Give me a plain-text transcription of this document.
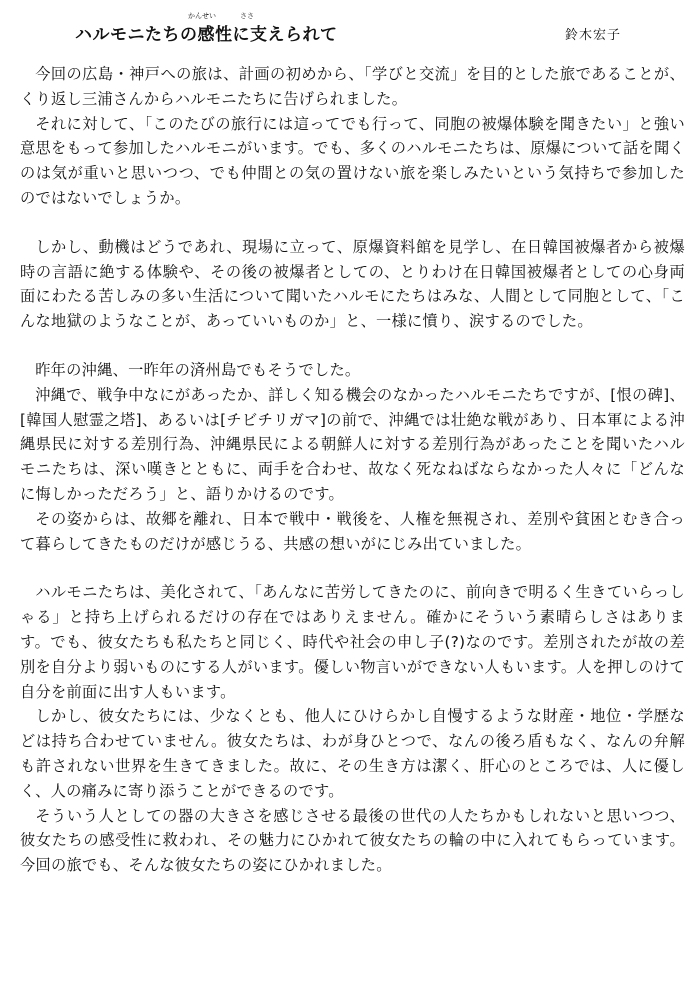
かんせい	ささ
ハルモニたちの感性に支えられて	鈴木宏子

今回の広島・神戸への旅は、計画の初めから、「学びと交流」を目的とした旅であることが、くり返し三浦さんからハルモニたちに告げられました。

それに対して、「このたびの旅行には這ってでも行って、同胞の被爆体験を聞きたい」と強い意思をもって参加したハルモニがいます。でも、多くのハルモニたちは、原爆について話を聞くのは気が重いと思いつつ、でも仲間との気の置けない旅を楽しみたいという気持ちで参加したのではないでしょうか。

しかし、動機はどうであれ、現場に立って、原爆資料館を見学し、在日韓国被爆者から被爆時の言語に絶する体験や、その後の被爆者としての、とりわけ在日韓国被爆者としての心身両面にわたる苦しみの多い生活について聞いたハルモにたちはみな、人間として同胞として、「こんな地獄のようなことが、あっていいものか」と、一様に憤り、涙するのでした。

昨年の沖縄、一昨年の済州島でもそうでした。

沖縄で、戦争中なにがあったか、詳しく知る機会のなかったハルモニたちですが、[恨の碑]、[韓国人慰霊之塔]、あるいは[チビチリガマ]の前で、沖縄では壮絶な戦があり、日本軍による沖縄県民に対する差別行為、沖縄県民による朝鮮人に対する差別行為があったことを聞いたハルモニたちは、深い嘆きとともに、両手を合わせ、故なく死なねばならなかった人々に「どんなに悔しかっただろう」と、語りかけるのです。

その姿からは、故郷を離れ、日本で戦中・戦後を、人権を無視され、差別や貧困とむき合って暮らしてきたものだけが感じうる、共感の想いがにじみ出ていました。

ハルモニたちは、美化されて、「あんなに苦労してきたのに、前向きで明るく生きていらっしゃる」と持ち上げられるだけの存在ではありえません。確かにそういう素晴らしさはあります。でも、彼女たちも私たちと同じく、時代や社会の申し子(?)なのです。差別されたが故の差別を自分より弱いものにする人がいます。優しい物言いができない人もいます。人を押しのけて自分を前面に出す人もいます。

しかし、彼女たちには、少なくとも、他人にひけらかし自慢するような財産・地位・学歴などは持ち合わせていません。彼女たちは、わが身ひとつで、なんの後ろ盾もなく、なんの弁解も許されない世界を生きてきました。故に、その生き方は潔く、肝心のところでは、人に優しく、人の痛みに寄り添うことができるのです。

そういう人としての器の大きさを感じさせる最後の世代の人たちかもしれないと思いつつ、彼女たちの感受性に救われ、その魅力にひかれて彼女たちの輪の中に入れてもらっています。今回の旅でも、そんな彼女たちの姿にひかれました。
